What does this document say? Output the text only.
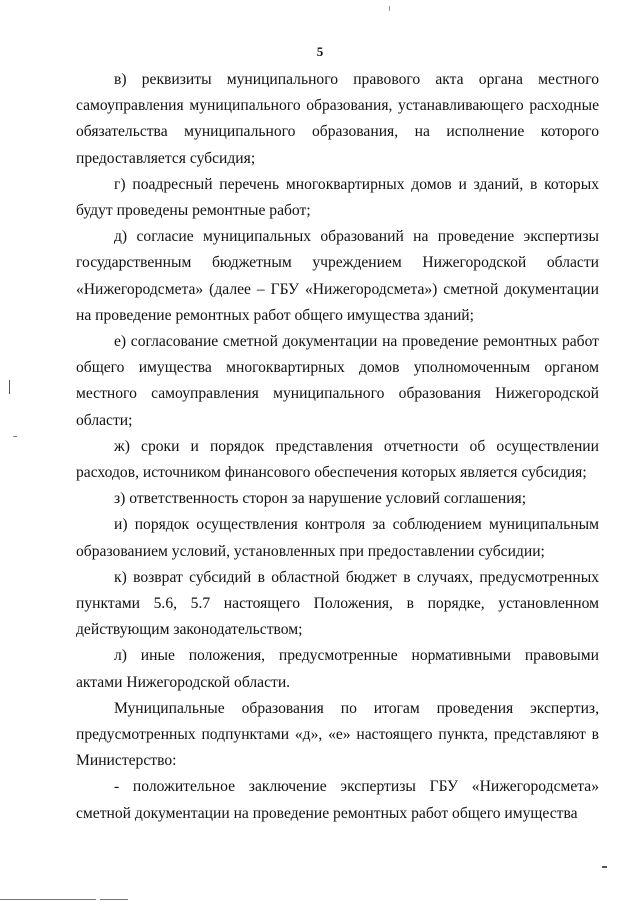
5

в) реквизиты муниципального правового акта органа местного самоуправления муниципального образования, устанавливающего расходные обязательства муниципального образования, на исполнение которого предоставляется субсидия;

г) поадресный перечень многоквартирных домов и зданий, в которых будут проведены ремонтные работ;

д) согласие муниципальных образований на проведение экспертизы государственным бюджетным учреждением Нижегородской области «Нижегородсмета» (далее – ГБУ «Нижегородсмета») сметной документации на проведение ремонтных работ общего имущества зданий;

е) согласование сметной документации на проведение ремонтных работ общего имущества многоквартирных домов уполномоченным органом местного самоуправления муниципального образования Нижегородской области;

ж) сроки и порядок представления отчетности об осуществлении расходов, источником финансового обеспечения которых является субсидия;

з) ответственность сторон за нарушение условий соглашения;

и) порядок осуществления контроля за соблюдением муниципальным образованием условий, установленных при предоставлении субсидии;

к) возврат субсидий в областной бюджет в случаях, предусмотренных пунктами 5.6, 5.7 настоящего Положения, в порядке, установленном действующим законодательством;

л) иные положения, предусмотренные нормативными правовыми актами Нижегородской области.

Муниципальные образования по итогам проведения экспертиз, предусмотренных подпунктами «д», «е» настоящего пункта, представляют в Министерство:

- положительное заключение экспертизы ГБУ «Нижегородсмета» сметной документации на проведение ремонтных работ общего имущества
